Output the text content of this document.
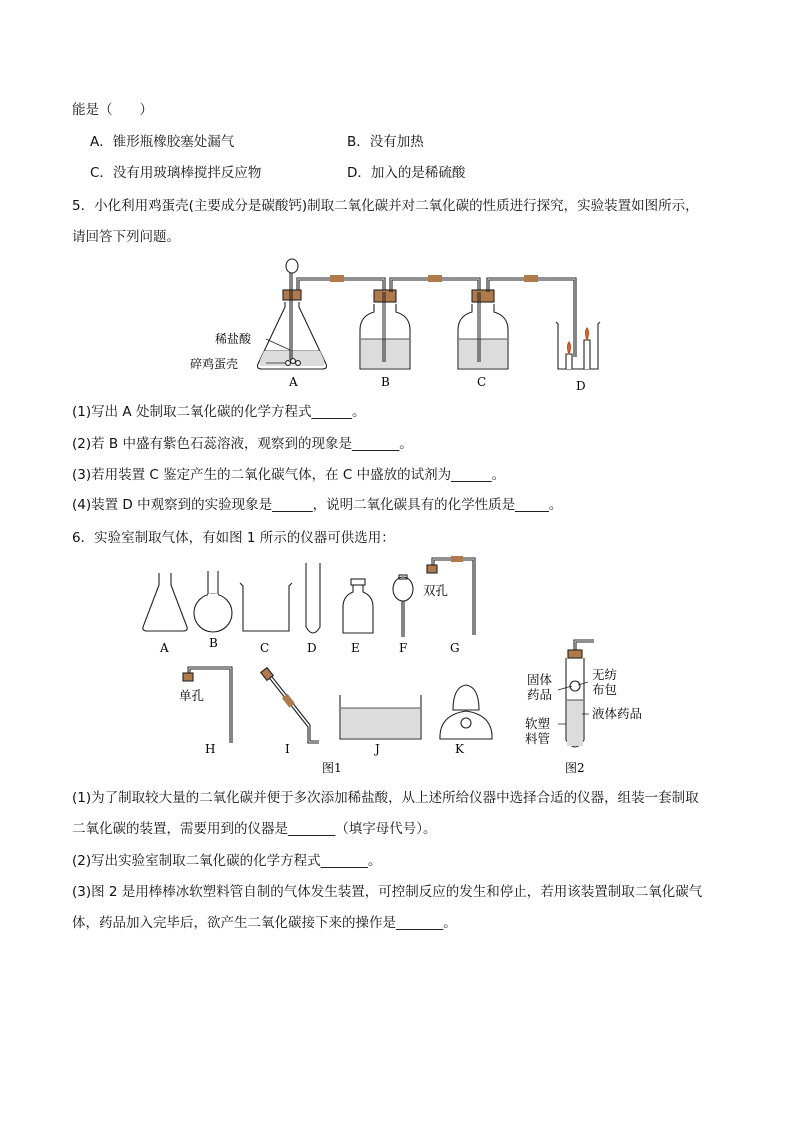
能是（　　）
A．锥形瓶橡胶塞处漏气	B．没有加热
C．没有用玻璃棒搅拌反应物	D．加入的是稀硫酸
5．小化利用鸡蛋壳(主要成分是碳酸钙)制取二氧化碳并对二氧化碳的性质进行探究，实验装置如图所示，
请回答下列问题。
稀盐酸
碎鸡蛋壳
A	B	C	D
(1)写出 A 处制取二氧化碳的化学方程式______。
(2)若 B 中盛有紫色石蕊溶液，观察到的现象是_______。
(3)若用装置 C 鉴定产生的二氧化碳气体，在 C 中盛放的试剂为______。
(4)装置 D 中观察到的实验现象是______，说明二氧化碳具有的化学性质是_____。
6．实验室制取气体，有如图 1 所示的仪器可供选用：
A	B	C	D	E	F	G
H	I	J	K
图1
双孔
单孔
固体
药品
无纺
布包
液体药品
软塑
料管
图2
(1)为了制取较大量的二氧化碳并便于多次添加稀盐酸，从上述所给仪器中选择合适的仪器，组装一套制取
二氧化碳的装置，需要用到的仪器是_______（填字母代号）。
(2)写出实验室制取二氧化碳的化学方程式_______。
(3)图 2 是用棒棒冰软塑料管自制的气体发生装置，可控制反应的发生和停止，若用该装置制取二氧化碳气
体，药品加入完毕后，欲产生二氧化碳接下来的操作是_______。
